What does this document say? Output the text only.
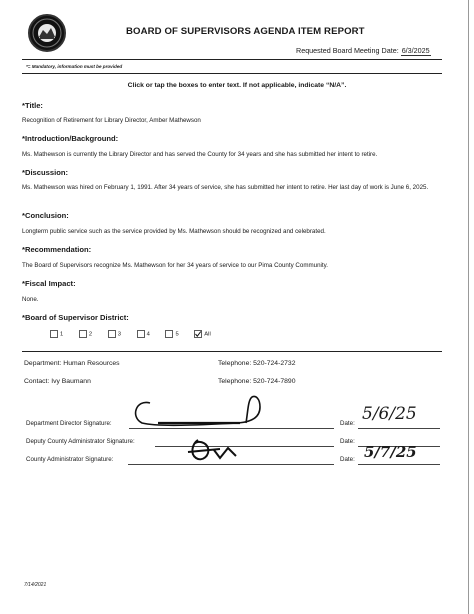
BOARD OF SUPERVISORS AGENDA ITEM REPORT
Requested Board Meeting Date: 6/3/2025
*= Mandatory, information must be provided
Click or tap the boxes to enter text. If not applicable, indicate “N/A”.
*Title:
Recognition of Retirement for Library Director, Amber Mathewson
*Introduction/Background:
Ms. Mathewson is currently the Library Director and has served the County for 34 years and she has submitted her intent to retire.
*Discussion:
Ms. Mathewson was hired on February 1, 1991. After 34 years of service, she has submitted her intent to retire. Her last day of work is June 6, 2025.
*Conclusion:
Longterm public service such as the service provided by Ms. Mathewson should be recognized and celebrated.
*Recommendation:
The Board of Supervisors recognize Ms. Mathewson for her 34 years of service to our Pima County Community.
*Fiscal Impact:
None.
*Board of Supervisor District:
1	2	3	4	5	All
Department: Human Resources	Telephone: 520-724-2732
Contact: Ivy Baumann	Telephone: 520-724-7890
Department Director Signature:	Date: 5/6/25
Deputy County Administrator Signature:	Date:
County Administrator Signature:	Date: 5/7/25
7/14/2021
